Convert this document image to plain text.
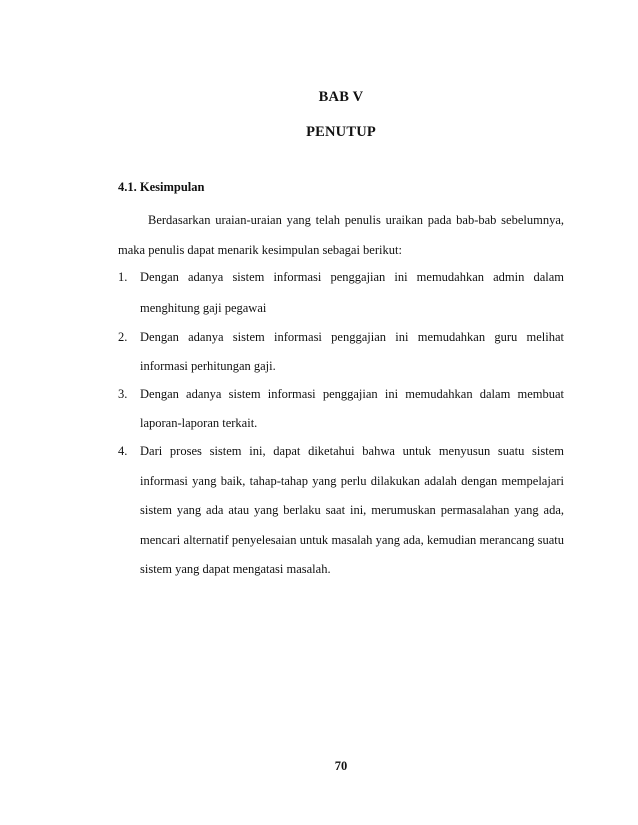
BAB V
PENUTUP
4.1. Kesimpulan
Berdasarkan uraian-uraian yang telah penulis uraikan pada bab-bab sebelumnya,
maka penulis dapat menarik kesimpulan sebagai berikut:
1. Dengan adanya sistem informasi penggajian ini memudahkan admin dalam
menghitung gaji pegawai
2. Dengan adanya sistem informasi penggajian ini memudahkan guru melihat
informasi perhitungan gaji.
3. Dengan adanya sistem informasi penggajian ini memudahkan dalam membuat
laporan-laporan terkait.
4. Dari proses sistem ini, dapat diketahui bahwa untuk menyusun suatu sistem
informasi yang baik, tahap-tahap yang perlu dilakukan adalah dengan mempelajari
sistem yang ada atau yang berlaku saat ini, merumuskan permasalahan yang ada,
mencari alternatif penyelesaian untuk masalah yang ada, kemudian merancang suatu
sistem yang dapat mengatasi masalah.
70
